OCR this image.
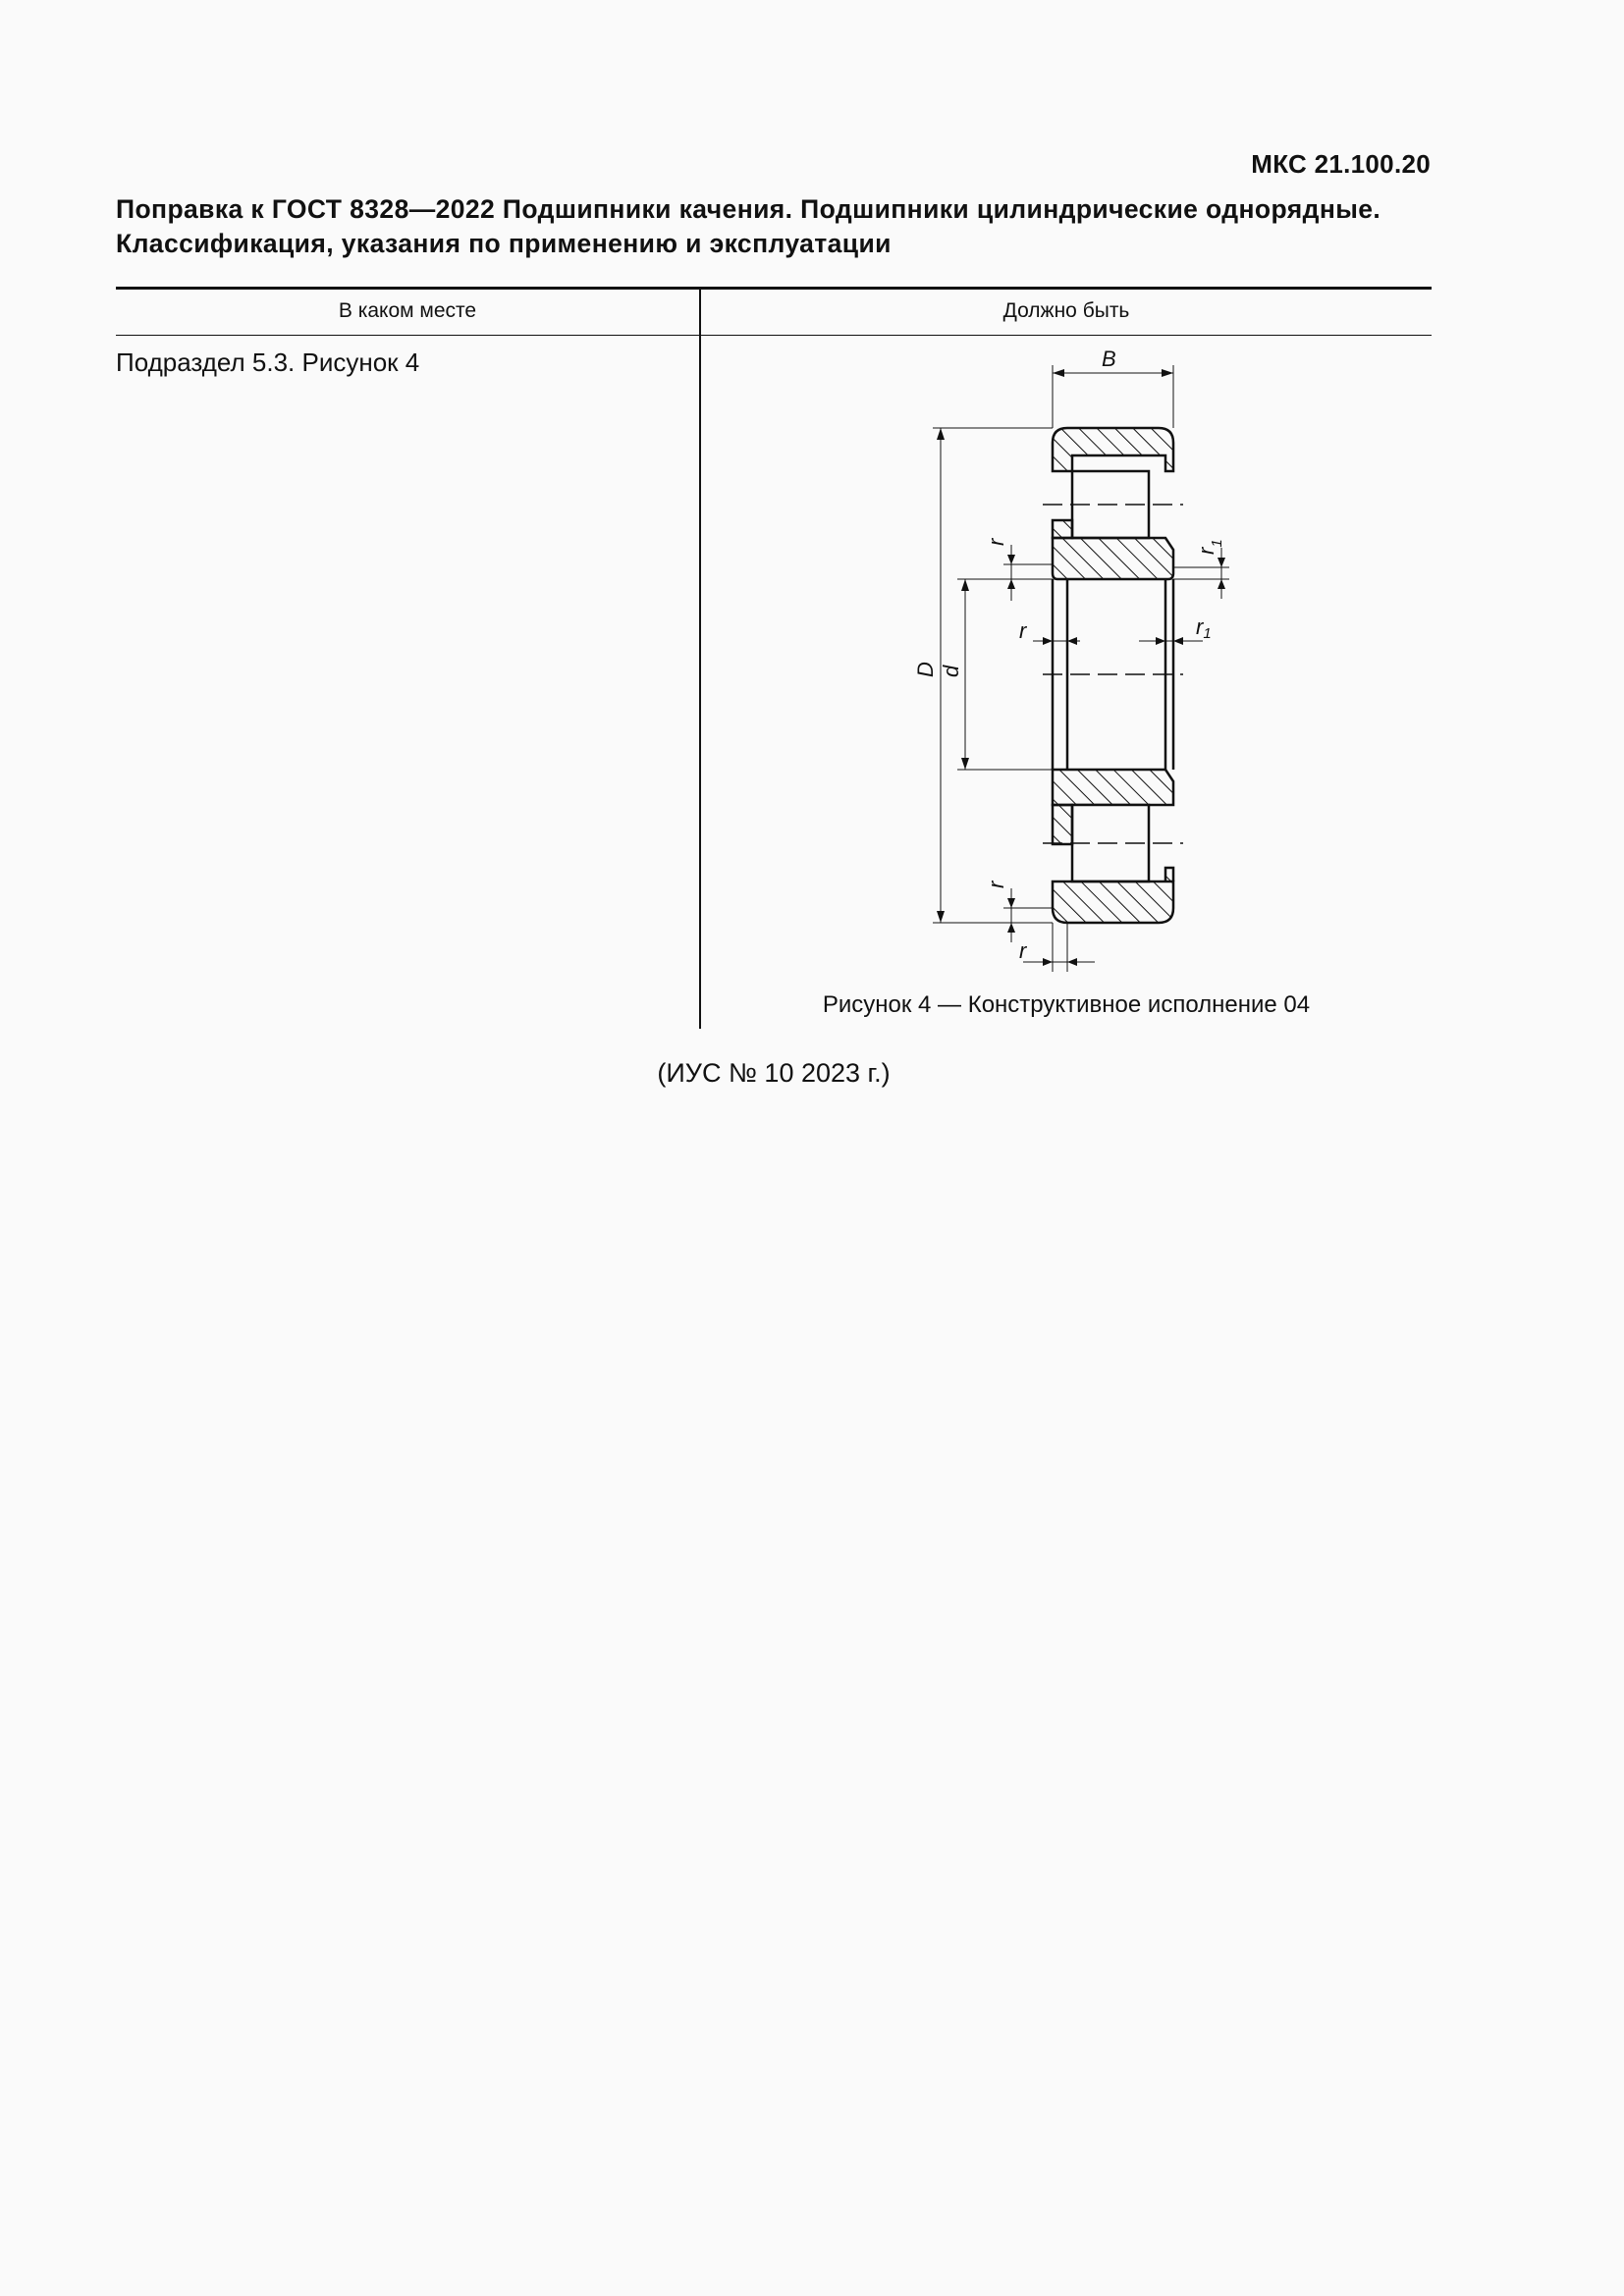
МКС 21.100.20

Поправка к ГОСТ 8328—2022 Подшипники качения. Подшипники цилиндрические однорядные. Классификация, указания по применению и эксплуатации

В каком месте	Должно быть
Подраздел 5.3. Рисунок 4	B
D d
r
$r_1$
r	r1
r
r
Рисунок 4 — Конструктивное исполнение 04
(ИУС № 10 2023 г.)
